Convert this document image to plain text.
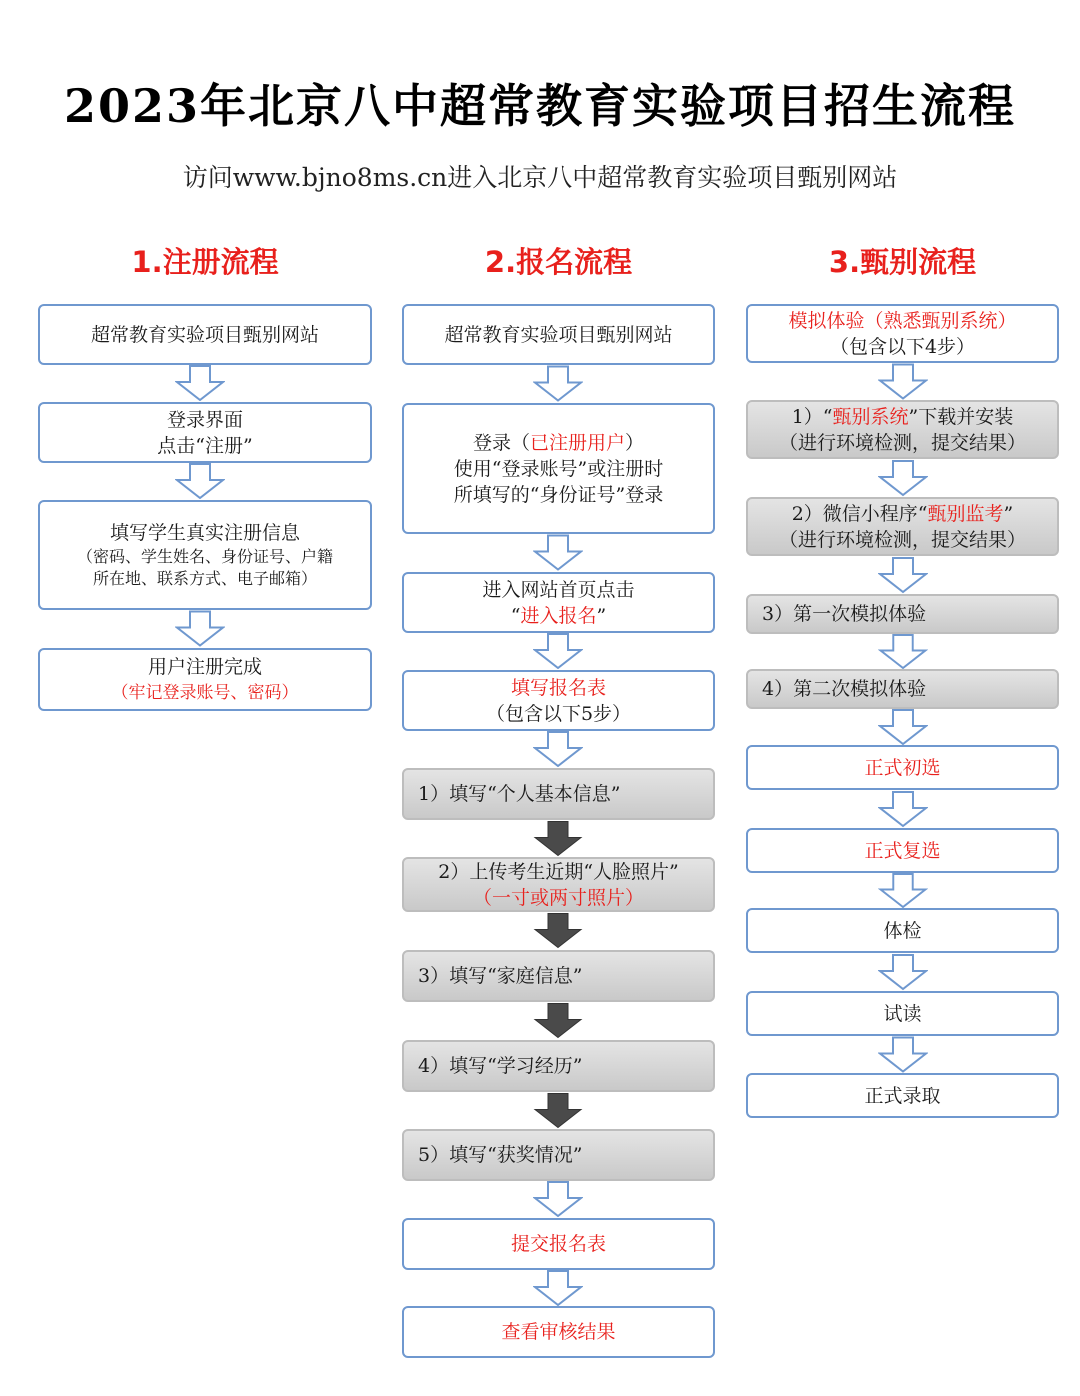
2023年北京八中超常教育实验项目招生流程
访问www.bjno8ms.cn进入北京八中超常教育实验项目甄别网站
1.注册流程	2.报名流程	3.甄别流程
超常教育实验项目甄别网站
登录界面
点击“注册”
填写学生真实注册信息
（密码、学生姓名、身份证号、户籍
所在地、联系方式、电子邮箱）
用户注册完成
（牢记登录账号、密码）
超常教育实验项目甄别网站
登录（已注册用户）
使用“登录账号”或注册时
所填写的“身份证号”登录
进入网站首页点击
“进入报名”
填写报名表
（包含以下5步）
1）填写“个人基本信息”
2）上传考生近期“人脸照片”
（一寸或两寸照片）
3）填写“家庭信息”
4）填写“学习经历”
5）填写“获奖情况”
提交报名表
查看审核结果
模拟体验（熟悉甄别系统）
（包含以下4步）
1）“甄别系统”下载并安装
（进行环境检测，提交结果）
2）微信小程序“甄别监考”
（进行环境检测，提交结果）
3）第一次模拟体验
4）第二次模拟体验
正式初选
正式复选
体检
试读
正式录取
